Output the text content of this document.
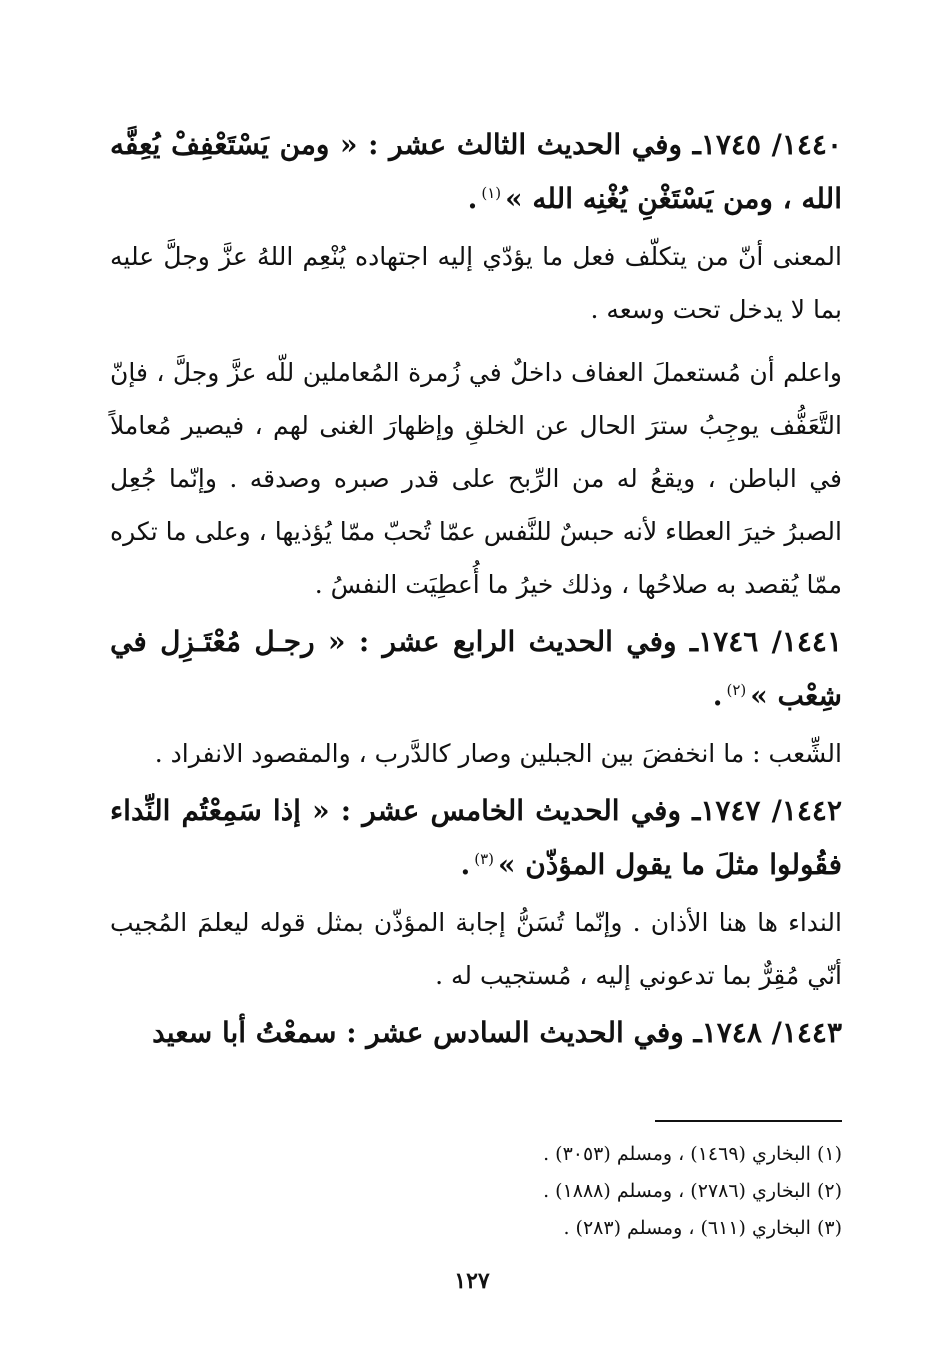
١٤٤٠/ ١٧٤٥ـ وفي الحديث الثالث عشر : « ومن يَسْتَعْفِفْ يُعِفَّه الله ، ومن يَسْتَغْنِ يُغْنِه الله »$^{(١)}$.

المعنى أنّ من يتكلّف فعل ما يؤدّي إليه اجتهاده يُنْعِم اللهُ عزَّ وجلَّ عليه بما لا يدخل تحت وسعه .

واعلم أن مُستعملَ العفاف داخلٌ في زُمرة المُعاملين للّه عزَّ وجلَّ ، فإنّ التَّعَفُّف يوجِبُ سترَ الحال عن الخلقِ وإظهارَ الغنى لهم ، فيصير مُعاملاً في الباطن ، ويقعُ له من الرِّبح على قدر صبره وصدقه . وإنّما جُعِل الصبرُ خيرَ العطاء لأنه حبسٌ للنَّفس عمّا تُحبّ ممّا يُؤذيها ، وعلى ما تكره ممّا يُقصد به صلاحُها ، وذلك خيرُ ما أُعطِيَت النفسُ .

١٤٤١/ ١٧٤٦ـ وفي الحديث الرابع عشر : « رجـل مُعْتَـزِل في شِعْب »$^{(٢)}$.

الشِّعب : ما انخفضَ بين الجبلين وصار كالدَّرب ، والمقصود الانفراد .

١٤٤٢/ ١٧٤٧ـ وفي الحديث الخامس عشر : « إذا سَمِعْتُم النِّداء فقُولوا مثلَ ما يقول المؤذّن »$^{(٣)}$.

النداء ها هنا الأذان . وإنّما تُسَنُّ إجابة المؤذّن بمثل قوله ليعلمَ المُجيب أنّي مُقِرٌّ بما تدعوني إليه ، مُستجيب له .

١٤٤٣/ ١٧٤٨ـ وفي الحديث السادس عشر : سمعْتُ أبا سعيد

(١) البخاري (١٤٦٩) ، ومسلم (٣٠٥٣) .

(٢) البخاري (٢٧٨٦) ، ومسلم (١٨٨٨) .

(٣) البخاري (٦١١) ، ومسلم (٢٨٣) .

١٢٧
